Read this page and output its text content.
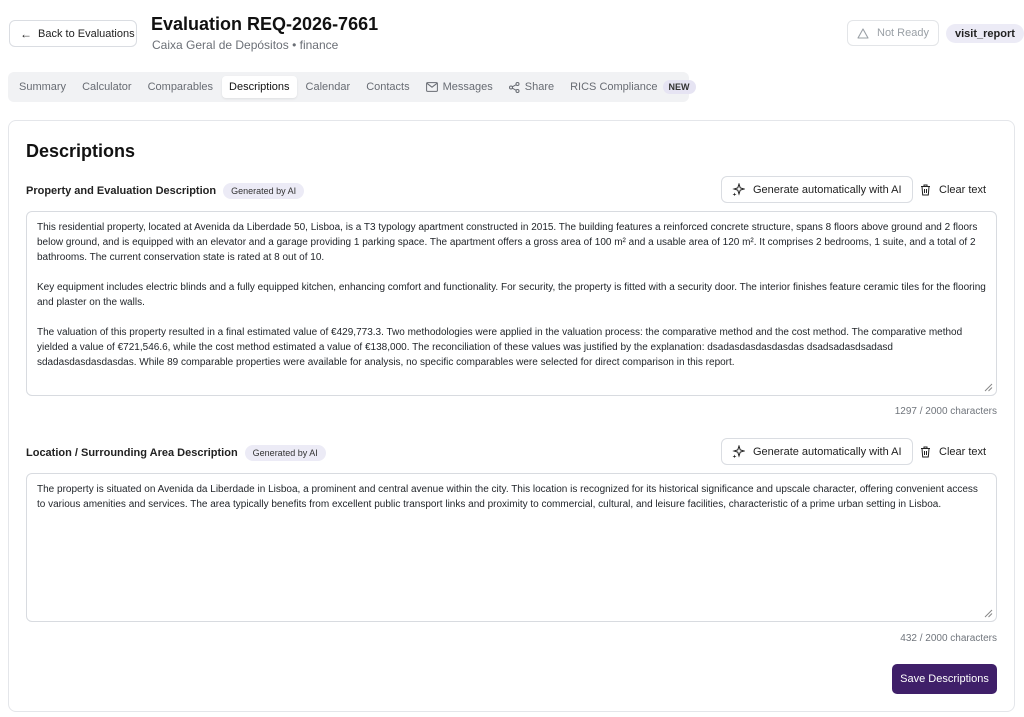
← Back to Evaluations Evaluation REQ-2026-7661
Caixa Geral de Depósitos • finance
Not Ready	visit_report
Summary Calculator Comparables Descriptions Calendar Contacts	Messages	Share RICS Compliance	NEW
Descriptions
Property and Evaluation Description	Generated by AI	Generate automatically with AI	Clear text

This residential property, located at Avenida da Liberdade 50, Lisboa, is a T3 typology apartment constructed in 2015. The building features a reinforced concrete structure, spans 8 floors above ground and 2 floors below ground, and is equipped with an elevator and a garage providing 1 parking space. The apartment offers a gross area of 100 m² and a usable area of 120 m². It comprises 2 bedrooms, 1 suite, and a total of 2 bathrooms. The current conservation state is rated at 8 out of 10.

Key equipment includes electric blinds and a fully equipped kitchen, enhancing comfort and functionality. For security, the property is fitted with a security door. The interior finishes feature ceramic tiles for the flooring and plaster on the walls.

The valuation of this property resulted in a final estimated value of €429,773.3. Two methodologies were applied in the valuation process: the comparative method and the cost method. The comparative method yielded a value of €721,546.6, while the cost method estimated a value of €138,000. The reconciliation of these values was justified by the explanation: dsadasdasdasdasdas dsadsadasdsadasd sdadasdasdasdasdas. While 89 comparable properties were available for analysis, no specific comparables were selected for direct comparison in this report.

1297 / 2000 characters
Location / Surrounding Area Description	Generated by AI	Generate automatically with AI	Clear text

The property is situated on Avenida da Liberdade in Lisboa, a prominent and central avenue within the city. This location is recognized for its historical significance and upscale character, offering convenient access to various amenities and services. The area typically benefits from excellent public transport links and proximity to commercial, cultural, and leisure facilities, characteristic of a prime urban setting in Lisboa.

432 / 2000 characters
Save Descriptions
